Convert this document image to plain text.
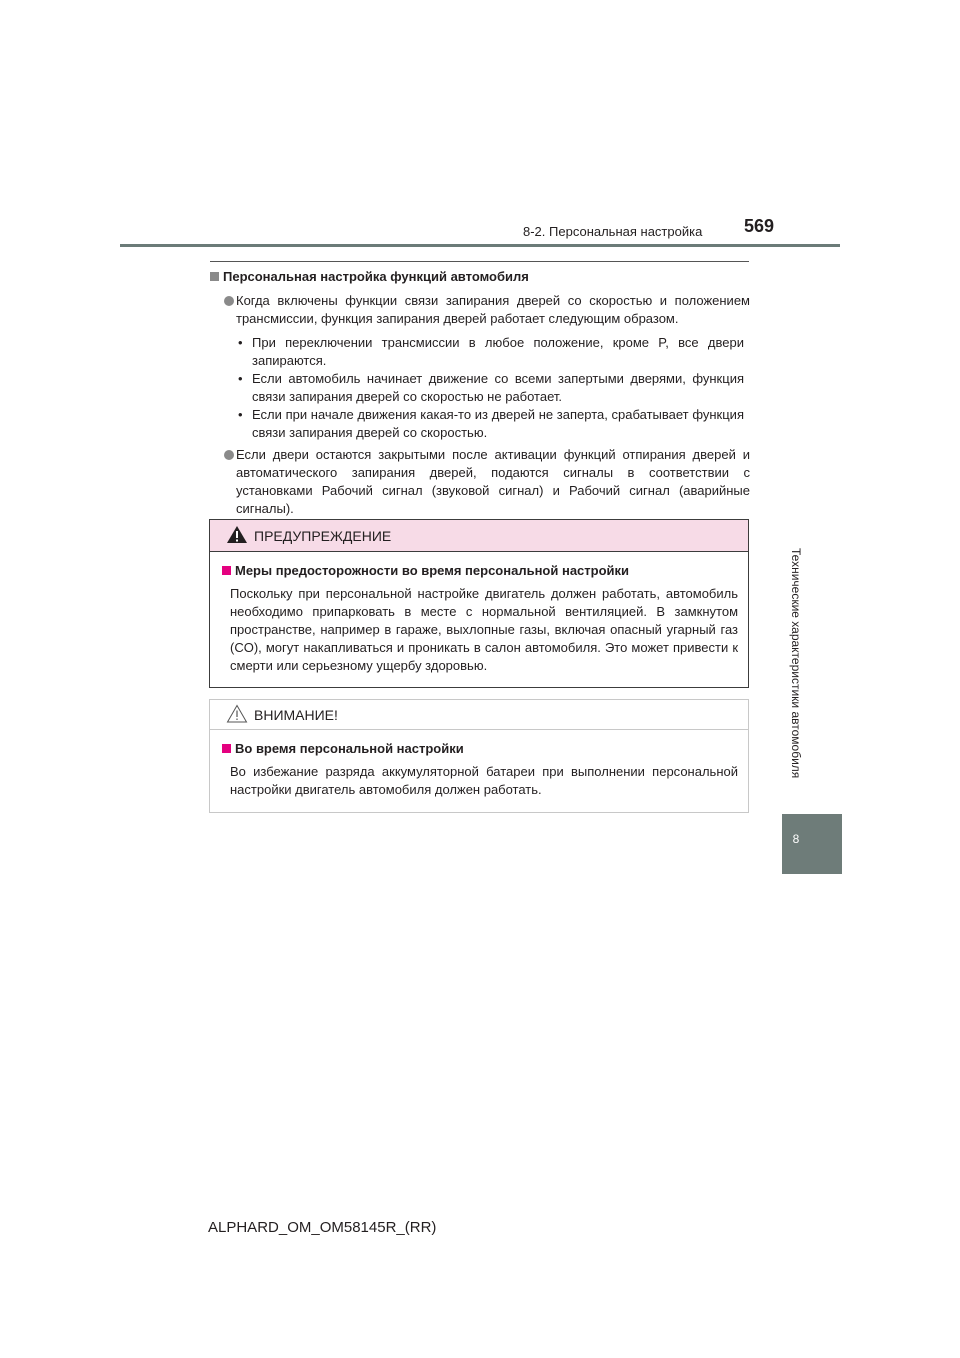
8-2. Персональная настройка 569
Технические характеристики автомобиля
8
Персональная настройка функций автомобиля
Когда включены функции связи запирания дверей со скоростью и положением трансмиссии, функция запирания дверей работает следующим образом.
• При переключении трансмиссии в любое положение, кроме P, все двери запираются.
• Если автомобиль начинает движение со всеми запертыми дверями, функция связи запирания дверей со скоростью не работает.
• Если при начале движения какая-то из дверей не заперта, срабатывает функция связи запирания дверей со скоростью.
Если двери остаются закрытыми после активации функций отпирания дверей и автоматического запирания дверей, подаются сигналы в соответствии с установками Рабочий сигнал (звуковой сигнал) и Рабочий сигнал (аварийные сигналы).
ПРЕДУПРЕЖДЕНИЕ
Меры предосторожности во время персональной настройки
Поскольку при персональной настройке двигатель должен работать, автомобиль необходимо припарковать в месте с нормальной вентиляцией. В замкнутом пространстве, например в гараже, выхлопные газы, включая опасный угарный газ (CO), могут накапливаться и проникать в салон автомобиля. Это может привести к смерти или серьезному ущербу здоровью.
ВНИМАНИЕ!
Во время персональной настройки
Во избежание разряда аккумуляторной батареи при выполнении персональной настройки двигатель автомобиля должен работать.
ALPHARD_OM_OM58145R_(RR)
